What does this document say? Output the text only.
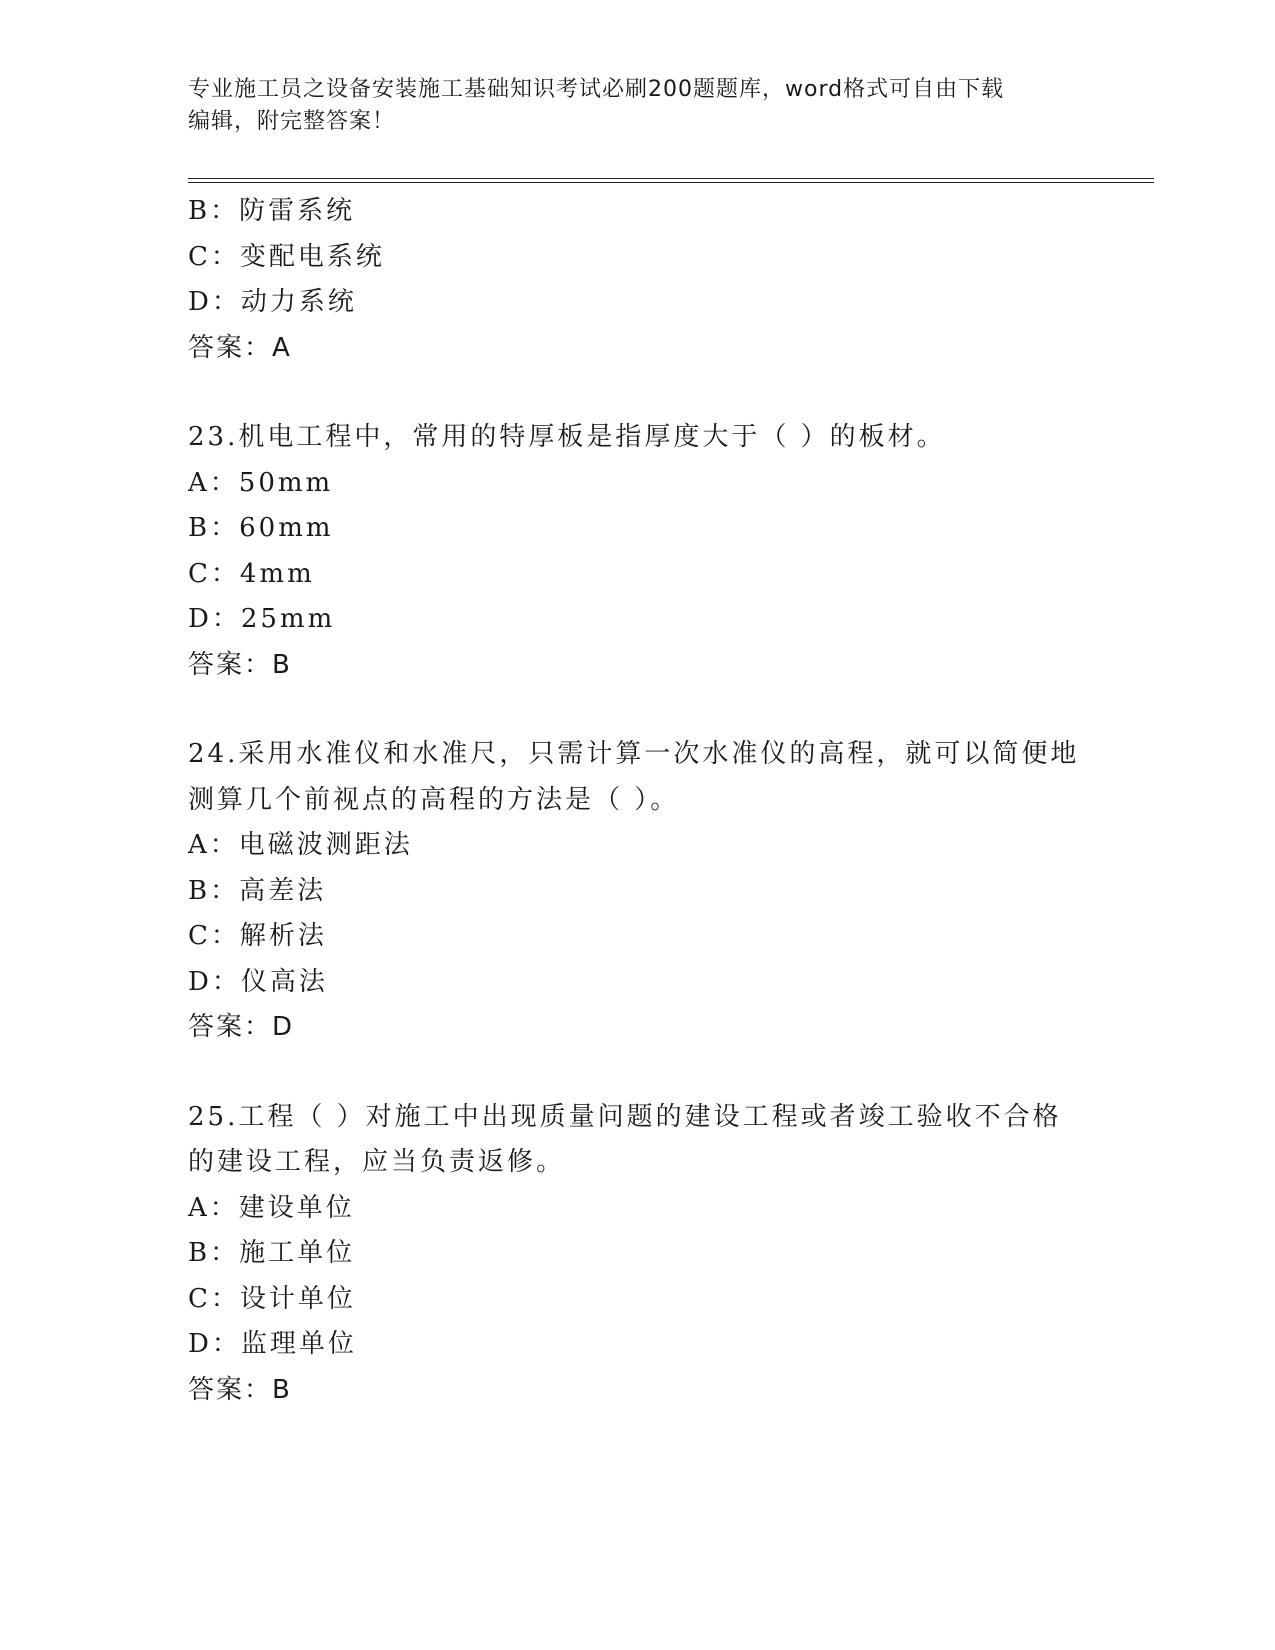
专业施工员之设备安装施工基础知识考试必刷200题题库，word格式可自由下载
编辑，附完整答案！
B：防雷系统
C：变配电系统
D：动力系统
答案：A
23.机电工程中，常用的特厚板是指厚度大于（ ）的板材。
A：50mm
B：60mm
C：4mm
D：25mm
答案：B
24.采用水准仪和水准尺，只需计算一次水准仪的高程，就可以简便地
测算几个前视点的高程的方法是（ ）。
A：电磁波测距法
B：高差法
C：解析法
D：仪高法
答案：D
25.工程（ ）对施工中出现质量问题的建设工程或者竣工验收不合格
的建设工程，应当负责返修。
A：建设单位
B：施工单位
C：设计单位
D：监理单位
答案：B
